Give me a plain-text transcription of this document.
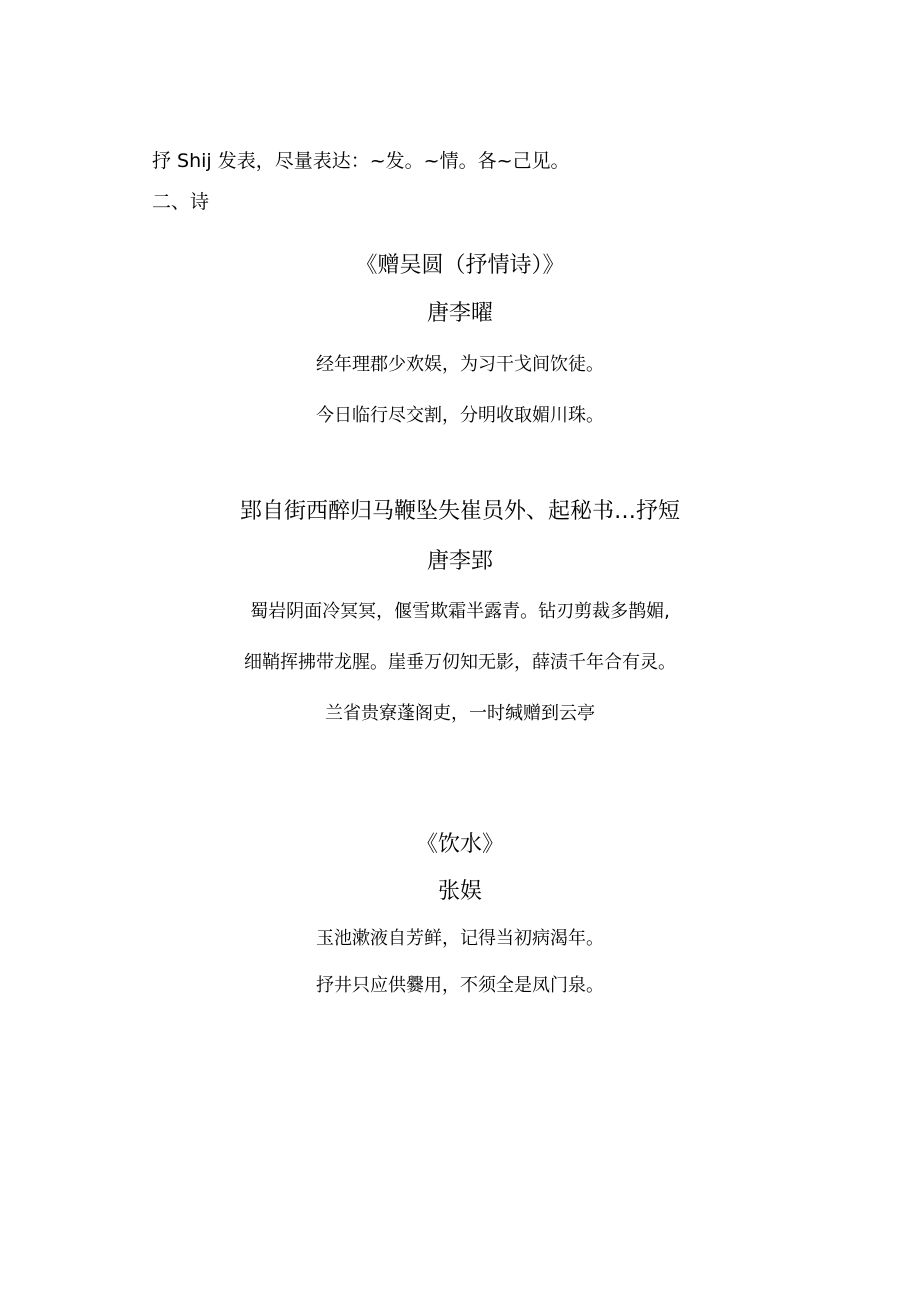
抒 Shij 发表，尽量表达：~发。~情。各~己见。
二、诗
《赠吴圆（抒情诗）》
唐李曜
经年理郡少欢娱，为习干戈间饮徒。
今日临行尽交割，分明收取媚川珠。
郢自街西醉归马鞭坠失崔员外、起秘书…抒短
唐李郢
蜀岩阴面冷冥冥，偃雪欺霜半露青。钻刃剪裁多鹊媚,
细鞘挥拂带龙腥。崖垂万仞知无影，薛渍千年合有灵。
兰省贵寮蓬阁吏，一时缄赠到云亭
《饮水》
张娱
玉池漱液自芳鲜，记得当初病渴年。
抒井只应供爨用，不须全是凤门泉。
